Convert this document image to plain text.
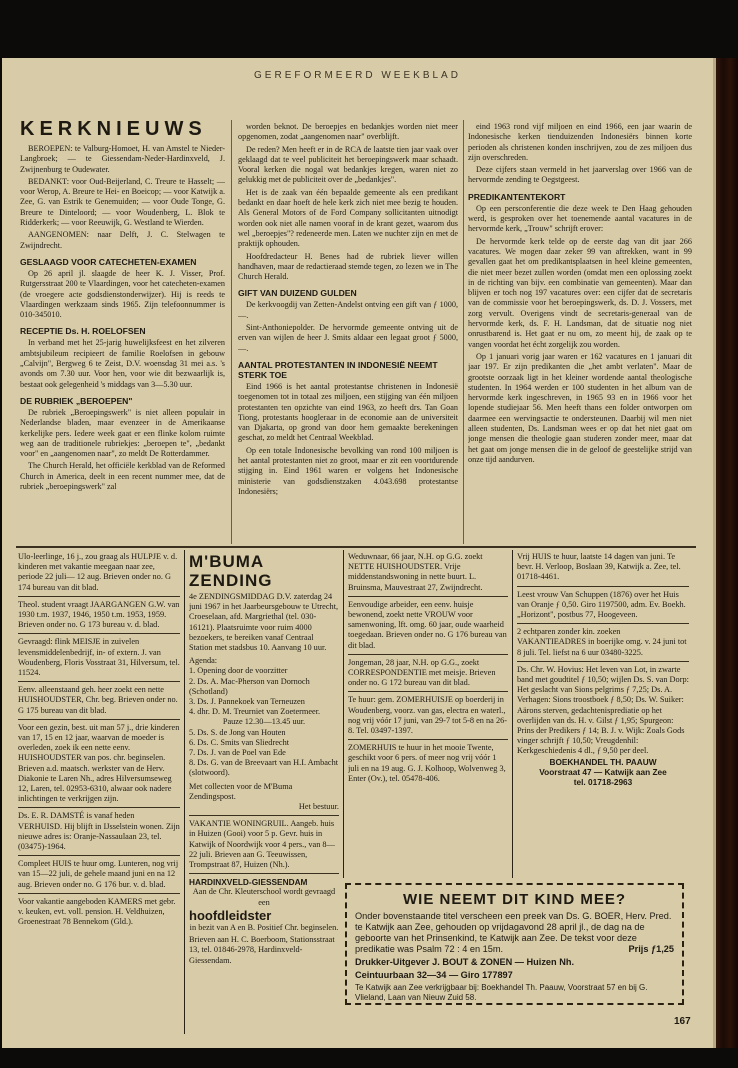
GEREFORMEERD WEEKBLAD
KERKNIEUWS

BEROEPEN: te Valburg-Homoet, H. van Amstel te Nieder-Langbroek; — te Giessendam-Neder-Hardinxveld, J. Zwijnenburg te Oudewater.

BEDANKT: voor Oud-Beijerland, C. Treure te Hasselt; — voor Werop, A. Breure te Hei- en Boeicop; — voor Katwijk a. Zee, G. van Estrik te Genemuiden; — voor Oude Tonge, G. Breure te Dinteloord; — voor Woudenberg, L. Blok te Ridderkerk; — voor Reeuwijk, G. Westland te Wierden.

AANGENOMEN: naar Delft, J. C. Stelwagen te Zwijndrecht.

GESLAAGD VOOR CATECHETEN-EXAMEN

Op 26 april jl. slaagde de heer K. J. Visser, Prof. Rutgersstraat 200 te Vlaardingen, voor het catecheten-examen (de vroegere acte godsdienstonderwijzer). Hij is reeds te Vlaardingen werkzaam sinds 1965. Zijn telefoonnummer is 010-345010.

RECEPTIE Ds. H. ROELOFSEN

In verband met het 25-jarig huwelijksfeest en het zilveren ambtsjubileum recipieert de familie Roelofsen in gebouw „Calvijn", Bergweg 6 te Zeist, D.V. woensdag 31 mei a.s. 's avonds om 7.30 uur. Voor hen, voor wie dit bezwaarlijk is, bestaat ook gelegenheid 's middags van 3—5.30 uur.

DE RUBRIEK „BEROEPEN"

De rubriek „Beroepingswerk" is niet alleen populair in Nederlandse bladen, maar evenzeer in de Amerikaanse kerkelijke pers. Iedere week gaat er een flinke kolom ruimte weg aan de traditionele rubriekjes: „beroepen te", „bedankt voor" en „aangenomen naar", zo meldt De Rotterdammer.

The Church Herald, het officiële kerkblad van de Reformed Church in America, deelt in een recent nummer mee, dat de rubriek „beroepingswerk" zal

worden beknot. De beroepjes en bedankjes worden niet meer opgenomen, zodat „aangenomen naar" overblijft.

De reden? Men heeft er in de RCA de laatste tien jaar vaak over geklaagd dat te veel publiciteit het beroepingswerk maar schaadt. Vooral kerken die nogal wat bedankjes kregen, waren niet zo gelukkig met de publiciteit over de „bedankjes".

Het is de zaak van één bepaalde gemeente als een predikant bedankt en daar hoeft de hele kerk zich niet mee bezig te houden. Als General Motors of de Ford Company sollicitanten uitnodigt worden ook niet alle namen vooraf in de krant gezet, waarom dus wel „beroepjes"? redeneerde men. Laten we nuchter zijn en met de praktijk ophouden.

Hoofdredacteur H. Benes had de rubriek liever willen handhaven, maar de redactieraad stemde tegen, zo lezen we in The Church Herald.

GIFT VAN DUIZEND GULDEN

De kerkvoogdij van Zetten-Andelst ontving een gift van ƒ 1000,—.

Sint-Anthoniepolder. De hervormde gemeente ontving uit de erven van wijlen de heer J. Smits aldaar een legaat groot ƒ 5000,—.

AANTAL PROTESTANTEN IN INDONESIË NEEMT STERK TOE

Eind 1966 is het aantal protestantse christenen in Indonesië toegenomen tot in totaal zes miljoen, een stijging van één miljoen protestanten ten opzichte van eind 1963, zo heeft drs. Tan Goan Tiong, protestants hoogleraar in de economie aan de universiteit van Djakarta, op grond van door hem gemaakte berekeningen geschat, zo meldt het Centraal Weekblad.

Op een totale Indonesische bevolking van rond 100 miljoen is het aantal protestanten niet zo groot, maar er zit een voortdurende stijging in. Eind 1961 waren er volgens het Indonesische ministerie van godsdienstzaken 4.043.698 protestantse Indonesiërs;

eind 1963 rond vijf miljoen en eind 1966, een jaar waarin de Indonesische kerken tienduizenden Indonesiërs binnen korte perioden als christenen konden inschrijven, zou de zes miljoen dus zijn overschreden.

Deze cijfers staan vermeld in het jaarverslag over 1966 van de hervormde zending te Oegstgeest.

PREDIKANTENTEKORT

Op een persconferentie die deze week te Den Haag gehouden werd, is gesproken over het toenemende aantal vacatures in de hervormde kerk, „Trouw" schrijft erover:

De hervormde kerk telde op de eerste dag van dit jaar 266 vacatures. We mogen daar zeker 99 van aftrekken, want in 99 gevallen gaat het om predikantsplaatsen in heel kleine gemeenten, die niet meer bezet zullen worden (omdat men een oplossing zoekt in de richting van bijv. een combinatie van gemeenten). Maar dan blijven er toch nog 197 vacatures over: een cijfer dat de secretaris van de commissie voor het beroepingswerk, ds. D. J. Vossers, met zorg vervult. Overigens vindt de secretaris-generaal van de hervormde kerk, ds. F. H. Landsman, dat de situatie nog niet onrustbarend is. Het gaat er nu om, zo meent hij, de zaak op te vangen voordat het écht zorgelijk zou worden.

Op 1 januari vorig jaar waren er 162 vacatures en 1 januari dit jaar 197. Er zijn predikanten die „het ambt verlaten". Maar de grootste oorzaak ligt in het kleiner wordende aantal theologische studenten. In 1964 werden er 100 studenten in het album van de hervormde kerk ingeschreven, in 1965 93 en in 1966 voor het lopende studiejaar 56. Men heeft thans een folder ontworpen om daarmee een wervingsactie te ondersteunen. Daarbij wil men niet alleen studenten, Ds. Landsman wees er op dat het niet gaat om jonge mensen die theologie gaan studeren zonder meer, maar dat het gaat om jonge mensen die in de geloof de geestelijke strijd van onze tijd aandurven.

Ulo-leerlinge, 16 j., zou graag als HULPJE v. d. kinderen met vakantie meegaan naar zee, periode 22 juli— 12 aug. Brieven onder no. G 174 bureau van dit blad.
Theol. student vraagt JAARGANGEN G.W. van 1930 t.m. 1937, 1946, 1950 t.m. 1953, 1959. Brieven onder no. G 173 bureau v. d. blad.
Gevraagd: flink MEISJE in zuivelen levensmiddelenbedrijf, in- of extern. J. van Woudenberg, Floris Vosstraat 31, Hilversum, tel. 11524.
Eenv. alleenstaand geh. heer zoekt een nette HUISHOUDSTER, Chr. beg. Brieven onder no. G 175 bureau van dit blad.
Voor een gezin, best. uit man 57 j., drie kinderen van 17, 15 en 12 jaar, waarvan de moeder is overleden, zoek ik een nette eenv. HUISHOUDSTER van pos. chr. beginselen. Brieven a.d. maatsch. werkster van de Herv. Diakonie te Laren Nh., adres Hilversumseweg 12, Laren, tel. 02953-6310, alwaar ook nadere inlichtingen te verkrijgen zijn.
Ds. E. R. DAMSTÉ is vanaf heden VERHUISD. Hij blijft in IJsselstein wonen. Zijn nieuwe adres is: Oranje-Nassaulaan 23, tel. (03475)-1964.
Compleet HUIS te huur omg. Lunteren, nog vrij van 15—22 juli, de gehele maand juni en na 12 aug. Brieven onder no. G 176 bur. v. d. blad.
Voor vakantie aangeboden KAMERS met gebr. v. keuken, evt. voll. pension. H. Veldhuizen, Groenestraat 78 Bennekom (Gld.).
M'BUMA ZENDING
4e ZENDINGSMIDDAG D.V. zaterdag 24 juni 1967 in het Jaarbeursgebouw te Utrecht, Croeselaan, afd. Margriethal (tel. 030-16121). Plaatsruimte voor ruim 4000 bezoekers, te bereiken vanaf Centraal Station met stadsbus 10. Aanvang 10 uur.
Agenda:
1. Opening door de voorzitter
2. Ds. A. Mac-Pherson van Dornoch (Schotland)
3. Ds. J. Pannekoek van Terneuzen
4. dhr. D. M. Treurniet van Zoetermeer.
Pauze 12.30—13.45 uur.
5. Ds. S. de Jong van Houten
6. Ds. C. Smits van Sliedrecht
7. Ds. J. van de Poel van Ede
8. Ds. G. van de Breevaart van H.I. Ambacht (slotwoord).
Met collecten voor de M'Buma Zendingspost.
Het bestuur.
VAKANTIE WONINGRUIL. Aangeb. huis in Huizen (Gooi) voor 5 p. Gevr. huis in Katwijk of Noordwijk voor 4 pers., van 8—22 juli. Brieven aan G. Teeuwissen, Trompstraat 87, Huizen (Nh.).
HARDINXVELD-GIESSENDAM
Aan de Chr. Kleuterschool wordt gevraagd een
hoofdleidster
in bezit van A en B. Positief Chr. beginselen.
Brieven aan H. C. Boerboom, Stationsstraat 13, tel. 01846-2978, Hardinxveld-Giessendam.
Weduwnaar, 66 jaar, N.H. op G.G. zoekt NETTE HUISHOUDSTER. Vrije middenstandswoning in nette buurt. L. Bruinsma, Mauvestraat 27, Zwijndrecht.
Eenvoudige arbeider, een eenv. huisje bewonend, zoekt nette VROUW voor samenwoning, lft. omg. 60 jaar, oude waarheid toegedaan. Brieven onder no. G 176 bureau van dit blad.
Jongeman, 28 jaar, N.H. op G.G., zoekt CORRESPONDENTIE met meisje. Brieven onder no. G 172 bureau van dit blad.
Te huur: gem. ZOMERHUISJE op boerderij in Woudenberg, voorz. van gas, electra en waterl., nog vrij vóór 17 juni, van 29-7 tot 5-8 en na 26-8. Tel. 03497-1397.
ZOMERHUIS te huur in het mooie Twente, geschikt voor 6 pers. of meer nog vrij vóór 1 juli en na 19 aug. G. J. Kolhoop, Wolvenweg 3, Enter (Ov.), tel. 05478-406.
Vrij HUIS te huur, laatste 14 dagen van juni. Te bevr. H. Verloop, Boslaan 39, Katwijk a. Zee, tel. 01718-4461.
Leest vrouw Van Schuppen (1876) over het Huis van Oranje ƒ 0,50. Giro 1197500, adm. Ev. Boekh. „Horizont", postbus 77, Hoogeveen.
2 echtparen zonder kin. zoeken VAKANTIEADRES in boerijke omg. v. 24 juni tot 8 juli. Tel. liefst na 6 uur 03480-3225.
Ds. Chr. W. Hovius: Het leven van Lot, in zwarte band met goudtitel ƒ 10,50; wijlen Ds. S. van Dorp: Het geslacht van Sions pelgrims ƒ 7,25; Ds. A. Verhagen: Sions troostboek ƒ 8,50; Ds. W. Suiker: Aärons sterven, gedachtenisprediatie op het overlijden van ds. H. v. Gilst ƒ 1,95; Spurgeon: Prins der Predikers ƒ 14; B. J. v. Wijk: Zoals Gods vinger schrijft ƒ 10,50; Vreugdenhil: Kerkgeschiedenis 4 dl., ƒ 9,50 per deel.
BOEKHANDEL TH. PAAUW
Voorstraat 47 — Katwijk aan Zee
tel. 01718-2963
WIE NEEMT DIT KIND MEE?
Onder bovenstaande titel verscheen een preek van Ds. G. BOER, Herv. Pred. te Katwijk aan Zee, gehouden op vrijdagavond 28 april jl., de dag na de geboorte van het Prinsenkind, te Katwijk aan Zee. De tekst voor deze predikatie was Psalm 72 : 4 en 15m.	Prijs ƒ1,25
Drukker-Uitgever J. BOUT & ZONEN — Huizen Nh.
Ceintuurbaan 32—34 — Giro 177897
Te Katwijk aan Zee verkrijgbaar bij: Boekhandel Th. Paauw, Voorstraat 57 en bij G. Vlieland, Laan van Nieuw Zuid 58.
167
